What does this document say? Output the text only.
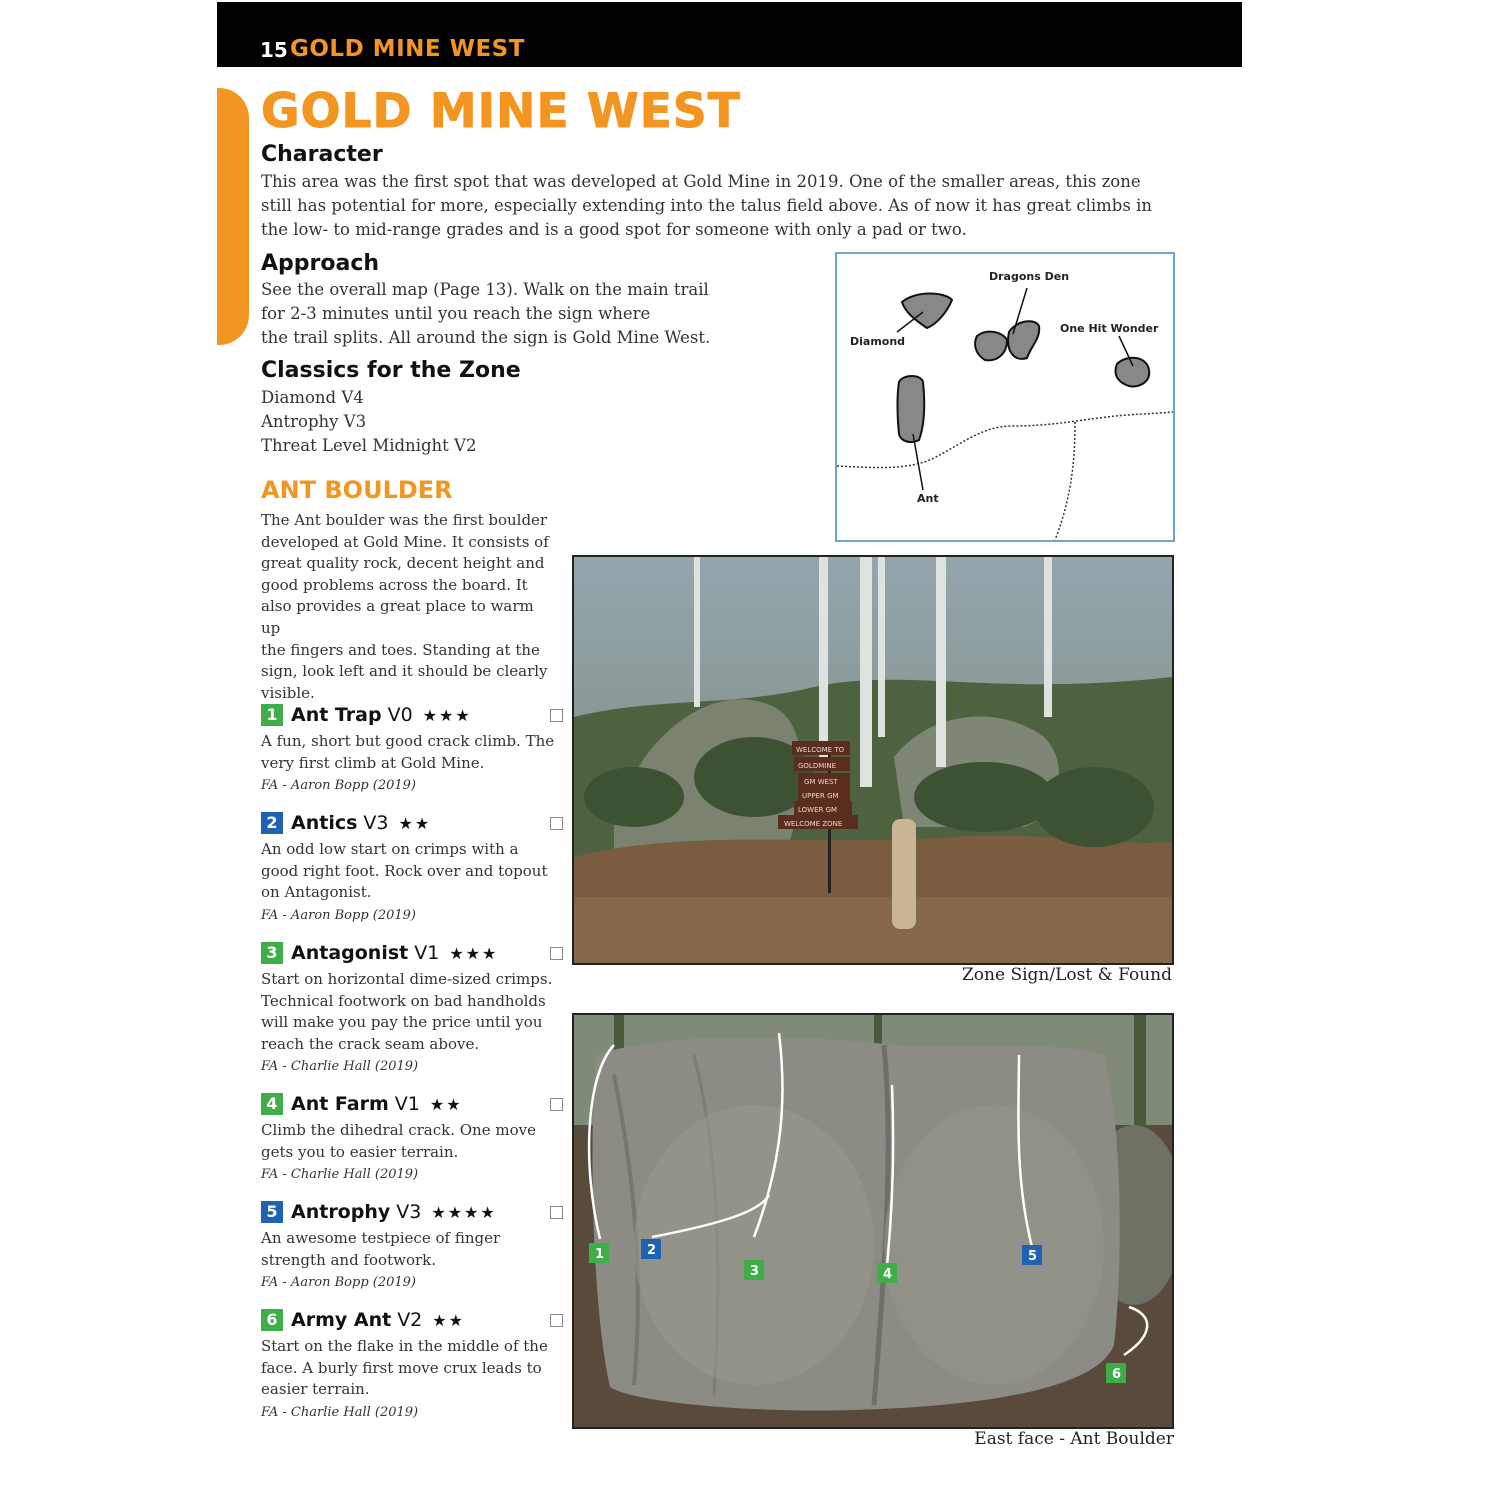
15 GOLD MINE WEST
GOLD MINE WEST
Character

This area was the first spot that was developed at Gold Mine in 2019. One of the smaller areas, this zone
still has potential for more, especially extending into the talus field above. As of now it has great climbs in
the low- to mid-range grades and is a good spot for someone with only a pad or two.

Approach

See the overall map (Page 13). Walk on the main trail
for 2-3 minutes until you reach the sign where
the trail splits. All around the sign is Gold Mine West.

Classics for the Zone

Diamond V4
Antrophy V3
Threat Level Midnight V2

ANT BOULDER

The Ant boulder was the first boulder
developed at Gold Mine. It consists of
great quality rock, decent height and
good problems across the board. It
also provides a great place to warm up
the fingers and toes. Standing at the
sign, look left and it should be clearly
visible.

1 Ant Trap V0 ★★★

A fun, short but good crack climb. The
very first climb at Gold Mine.

FA - Aaron Bopp (2019)

2 Antics V3 ★★

An odd low start on crimps with a
good right foot. Rock over and topout
on Antagonist.

FA - Aaron Bopp (2019)

3 Antagonist V1 ★★★

Start on horizontal dime-sized crimps.
Technical footwork on bad handholds
will make you pay the price until you
reach the crack seam above.

FA - Charlie Hall (2019)

4 Ant Farm V1 ★★

Climb the dihedral crack. One move
gets you to easier terrain.

FA - Charlie Hall (2019)

5 Antrophy V3 ★★★★

An awesome testpiece of finger
strength and footwork.

FA - Aaron Bopp (2019)

6 Army Ant V2 ★★

Start on the flake in the middle of the
face. A burly first move crux leads to
easier terrain.

FA - Charlie Hall (2019)

Dragons Den
Diamond
One Hit Wonder
Ant
WELCOME TO
GOLDMINE
GM WEST
UPPER GM
LOWER GM
WELCOME ZONE
Zone Sign/Lost & Found
1	2
3	4
5
6
East face - Ant Boulder
